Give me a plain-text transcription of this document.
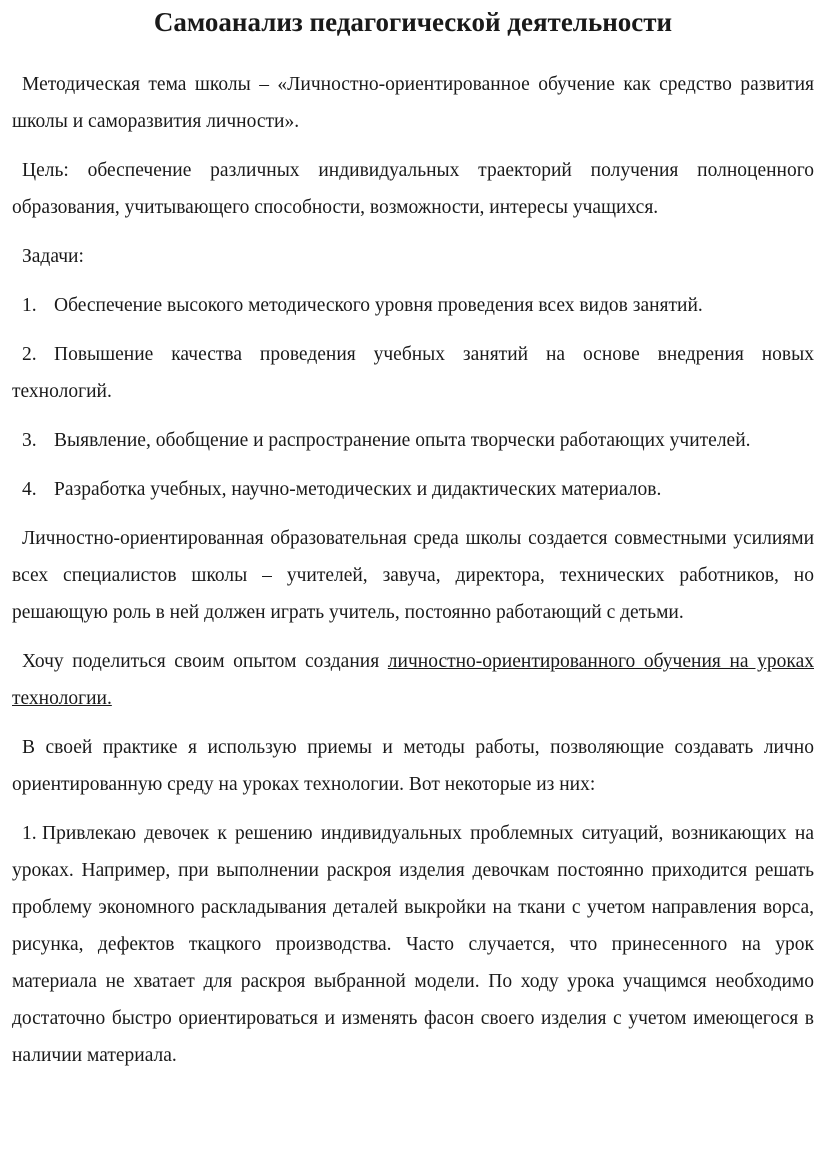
Самоанализ педагогической деятельности

Методическая тема школы – «Личностно-ориентированное обучение как средство развития школы и саморазвития личности».

Цель: обеспечение различных индивидуальных траекторий получения полноценного образования, учитывающего способности, возможности, интересы учащихся.

Задачи:

1. Обеспечение высокого методического уровня проведения всех видов занятий.

2. Повышение качества проведения учебных занятий на основе внедрения новых технологий.

3. Выявление, обобщение и распространение опыта творчески работающих учителей.

4. Разработка учебных, научно-методических и дидактических материалов.

Личностно-ориентированная образовательная среда школы создается совместными усилиями всех специалистов школы – учителей, завуча, директора, технических работников, но решающую роль в ней должен играть учитель, постоянно работающий с детьми.

Хочу поделиться своим опытом создания личностно-ориентированного обучения на уроках технологии.

В своей практике я использую приемы и методы работы, позволяющие создавать лично ориентированную среду на уроках технологии. Вот некоторые из них:

1. Привлекаю девочек к решению индивидуальных проблемных ситуаций, возникающих на уроках. Например, при выполнении раскроя изделия девочкам постоянно приходится решать проблему экономного раскладывания деталей выкройки на ткани с учетом направления ворса, рисунка, дефектов ткацкого производства. Часто случается, что принесенного на урок материала не хватает для раскроя выбранной модели. По ходу урока учащимся необходимо достаточно быстро ориентироваться и изменять фасон своего изделия с учетом имеющегося в наличии материала.
